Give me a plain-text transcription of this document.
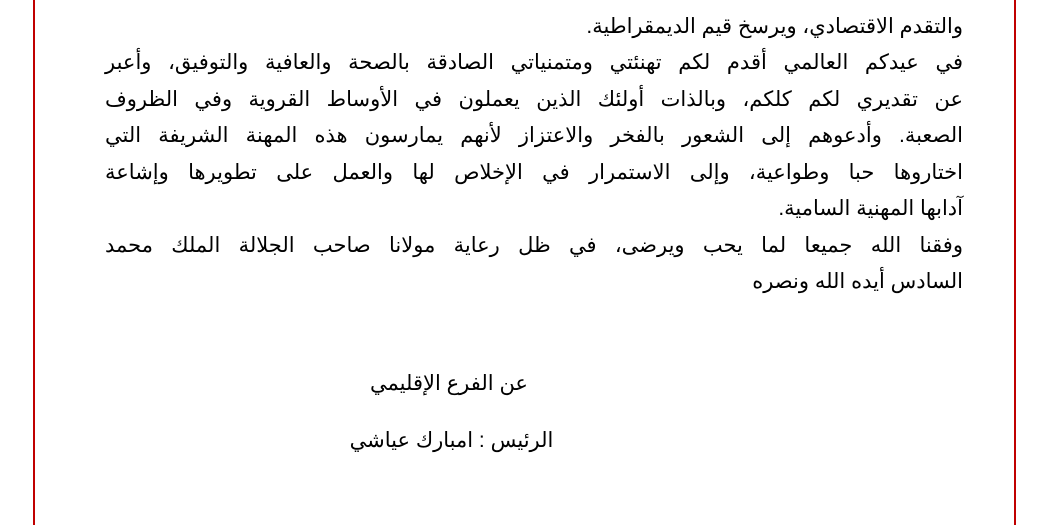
والتقدم الاقتصادي، ويرسخ قيم الديمقراطية.
في عيدكم العالمي أقدم لكم تهنئتي ومتمنياتي الصادقة بالصحة والعافية والتوفيق، وأعبر
عن تقديري لكم كلكم، وبالذات أولئك الذين يعملون في الأوساط القروية وفي الظروف
الصعبة. وأدعوهم إلى الشعور بالفخر والاعتزاز لأنهم يمارسون هذه المهنة الشريفة التي
اختاروها حبا وطواعية، وإلى الاستمرار في الإخلاص لها والعمل على تطويرها وإشاعة
آدابها المهنية السامية.
وفقنا الله جميعا لما يحب ويرضى، في ظل رعاية مولانا صاحب الجلالة الملك محمد
السادس أيده الله ونصره
عن الفرع الإقليمي
الرئيس : امبارك عياشي
